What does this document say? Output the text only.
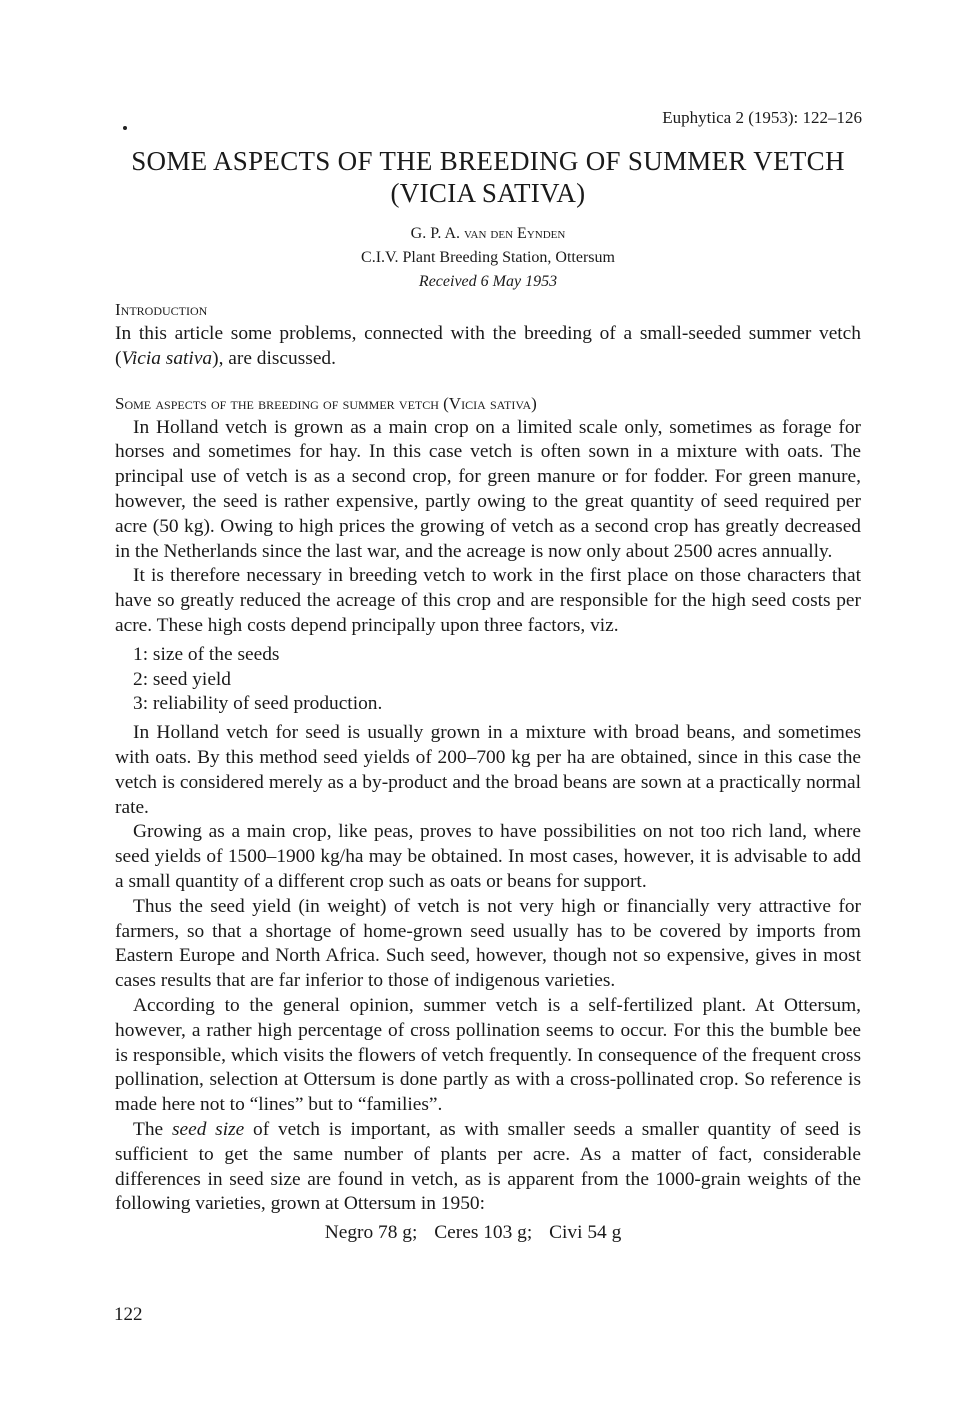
Euphytica 2 (1953): 122–126
SOME ASPECTS OF THE BREEDING OF SUMMER VETCH
(VICIA SATIVA)
G. P. A. van den Eynden
C.I.V. Plant Breeding Station, Ottersum
Received 6 May 1953
Introduction

In this article some problems, connected with the breeding of a small-seeded summer vetch (Vicia sativa), are discussed.

Some aspects of the breeding of summer vetch (Vicia sativa)

In Holland vetch is grown as a main crop on a limited scale only, sometimes as forage for horses and sometimes for hay. In this case vetch is often sown in a mixture with oats. The principal use of vetch is as a second crop, for green manure or for fodder. For green manure, however, the seed is rather expensive, partly owing to the great quantity of seed required per acre (50 kg). Owing to high prices the growing of vetch as a second crop has greatly decreased in the Netherlands since the last war, and the acreage is now only about 2500 acres annually.

It is therefore necessary in breeding vetch to work in the first place on those characters that have so greatly reduced the acreage of this crop and are responsible for the high seed costs per acre. These high costs depend principally upon three factors, viz.

1: size of the seeds
2: seed yield
3: reliability of seed production.

In Holland vetch for seed is usually grown in a mixture with broad beans, and sometimes with oats. By this method seed yields of 200–700 kg per ha are obtained, since in this case the vetch is considered merely as a by-product and the broad beans are sown at a practically normal rate.

Growing as a main crop, like peas, proves to have possibilities on not too rich land, where seed yields of 1500–1900 kg/ha may be obtained. In most cases, however, it is advisable to add a small quantity of a different crop such as oats or beans for support.

Thus the seed yield (in weight) of vetch is not very high or financially very attractive for farmers, so that a shortage of home-grown seed usually has to be covered by imports from Eastern Europe and North Africa. Such seed, however, though not so expensive, gives in most cases results that are far inferior to those of indigenous varieties.

According to the general opinion, summer vetch is a self-fertilized plant. At Ottersum, however, a rather high percentage of cross pollination seems to occur. For this the bumble bee is responsible, which visits the flowers of vetch frequently. In consequence of the frequent cross pollination, selection at Ottersum is done partly as with a cross-pollinated crop. So reference is made here not to “lines” but to “families”.

The seed size of vetch is important, as with smaller seeds a smaller quantity of seed is sufficient to get the same number of plants per acre. As a matter of fact, considerable differences in seed size are found in vetch, as is apparent from the 1000-grain weights of the following varieties, grown at Ottersum in 1950:

Negro 78 g; Ceres 103 g; Civi 54 g
122
